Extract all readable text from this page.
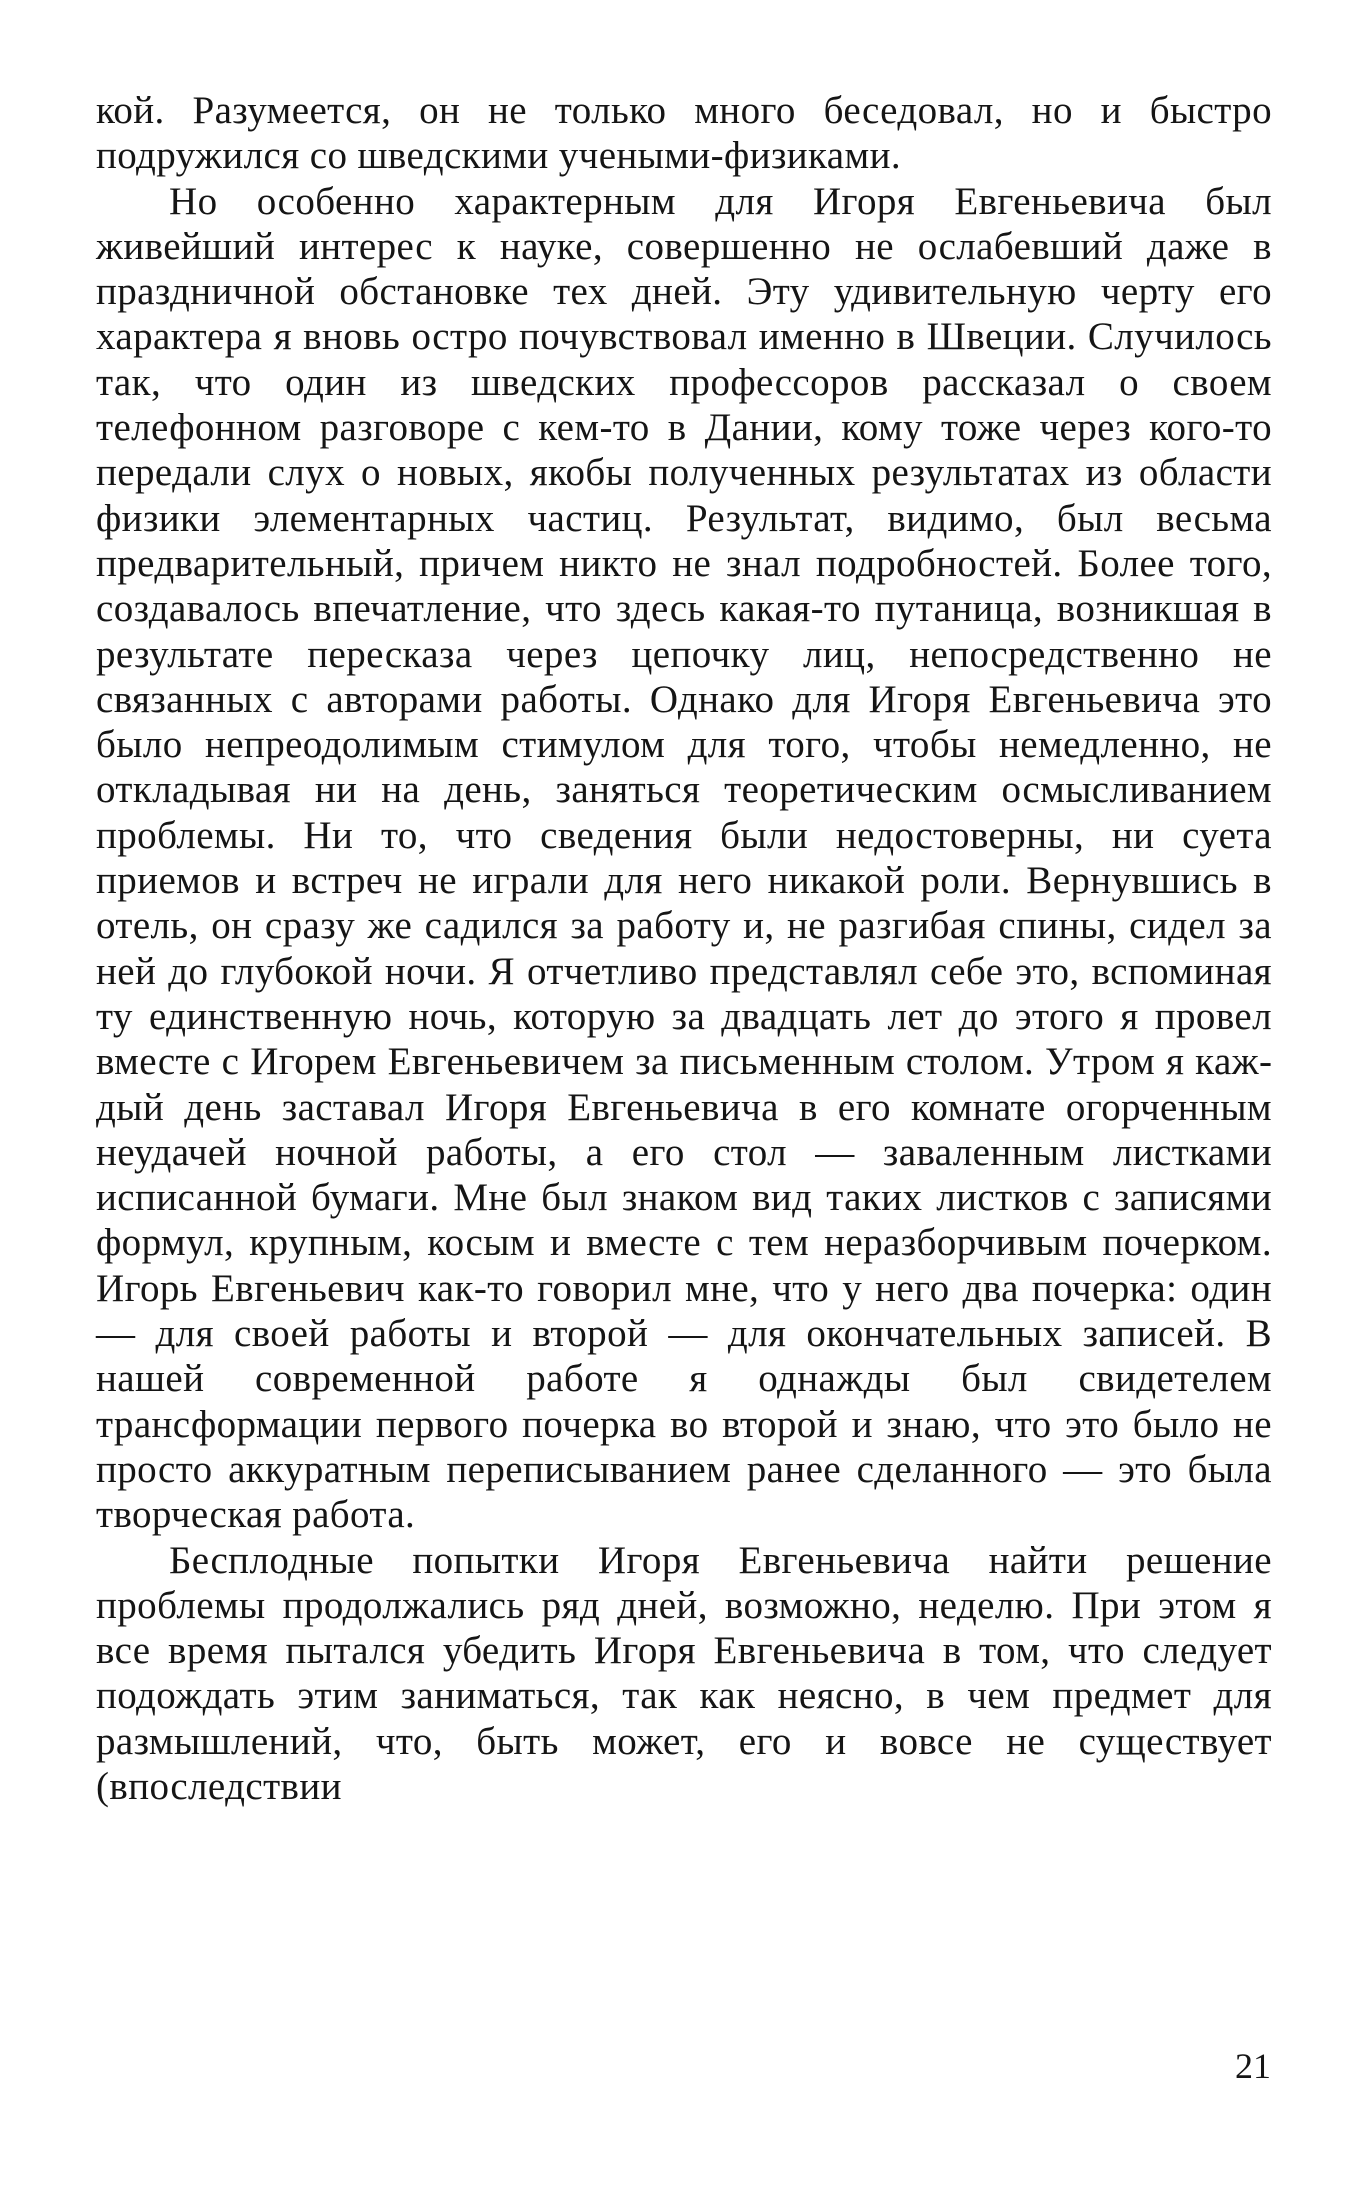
кой. Разумеется, он не только много беседовал, но и быстро подружился со шведскими учеными-физиками.

Но особенно характерным для Игоря Евгеньевича был живейший интерес к науке, совершенно не ослабевший даже в праздничной обстановке тех дней. Эту удивительную черту его характера я вновь остро почувствовал именно в Швеции. Случилось так, что один из шведских профессоров рассказал о своем телефонном разговоре с кем-то в Дании, кому тоже через кого-то передали слух о новых, якобы полученных результатах из области физики элементарных частиц. Результат, видимо, был весьма предварительный, причем никто не знал подробностей. Более того, создавалось впечатление, что здесь какая-то путаница, возникшая в результате пересказа через цепочку лиц, непосредственно не связанных с авторами работы. Однако для Игоря Евгеньевича это было непреодолимым стимулом для того, чтобы немедленно, не откладывая ни на день, заняться теоретическим осмысливанием проблемы. Ни то, что сведения были недостоверны, ни суета приемов и встреч не играли для него никакой роли. Вернувшись в отель, он сразу же садился за работу и, не разгибая спины, сидел за ней до глубокой ночи. Я отчетливо представлял себе это, вспоминая ту единственную ночь, которую за двадцать лет до этого я провел вместе с Игорем Евгеньевичем за письменным столом. Утром я каждый день заставал Игоря Евгеньевича в его комнате огорченным неудачей ночной работы, а его стол — заваленным листками исписанной бумаги. Мне был знаком вид таких листков с записями формул, крупным, косым и вместе с тем неразборчивым почерком. Игорь Евгеньевич как-то говорил мне, что у него два почерка: один — для своей работы и второй — для окончательных записей. В нашей современной работе я однажды был свидетелем трансформации первого почерка во второй и знаю, что это было не просто аккуратным переписыванием ранее сделанного — это была творческая работа.

Бесплодные попытки Игоря Евгеньевича найти решение проблемы продолжались ряд дней, возможно, неделю. При этом я все время пытался убедить Игоря Евгеньевича в том, что следует подождать этим заниматься, так как неясно, в чем предмет для размышлений, что, быть может, его и вовсе не существует (впоследствии

21
